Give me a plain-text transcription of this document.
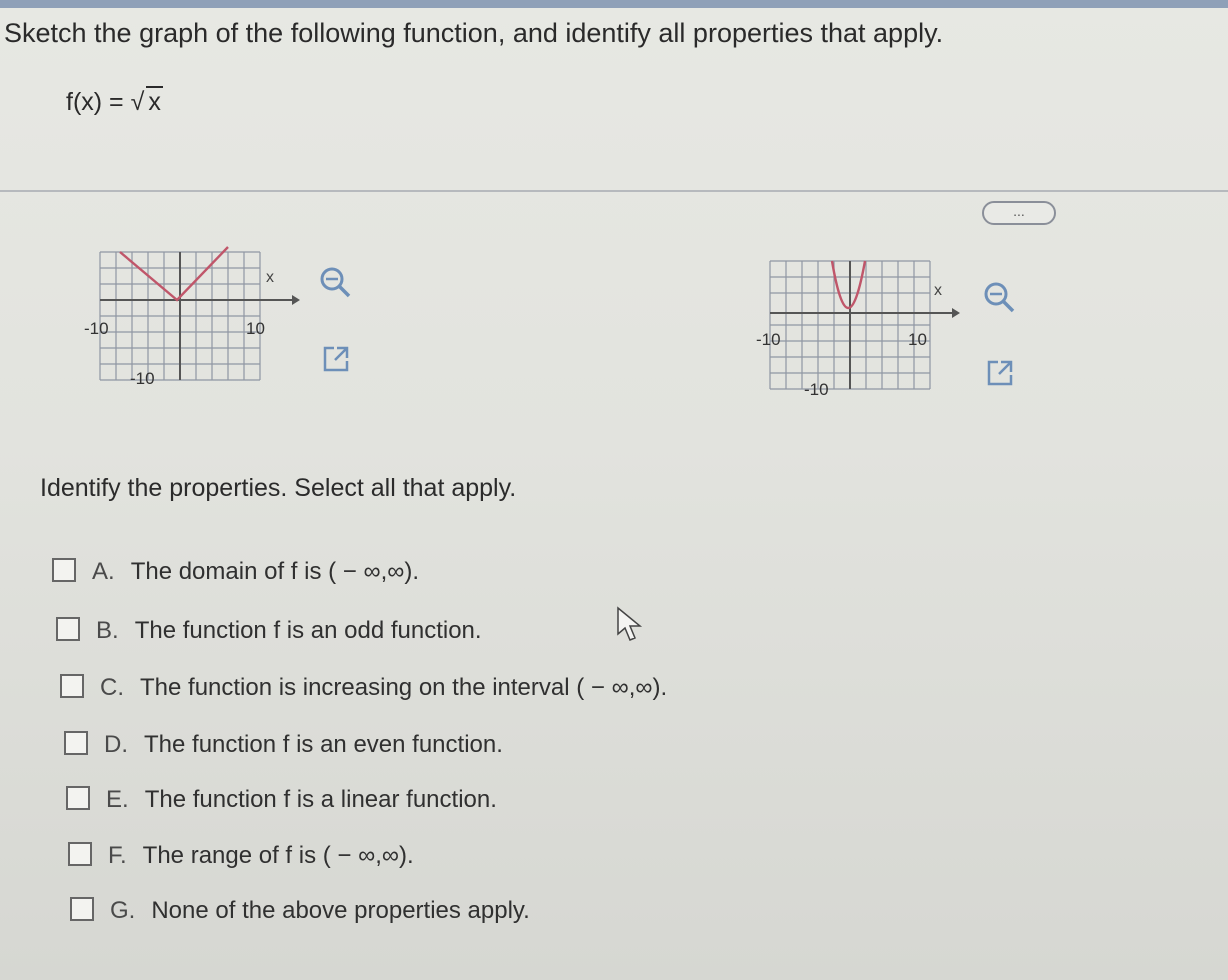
Sketch the graph of the following function, and identify all properties that apply.
f(x) = √ x
...
x
-10	10
-10
x
-10	10
-10
Identify the properties. Select all that apply.
A. The domain of f is ( − ∞,∞).
B. The function f is an odd function.
C. The function is increasing on the interval ( − ∞,∞).
D. The function f is an even function.
E. The function f is a linear function.
F. The range of f is ( − ∞,∞).
G. None of the above properties apply.
